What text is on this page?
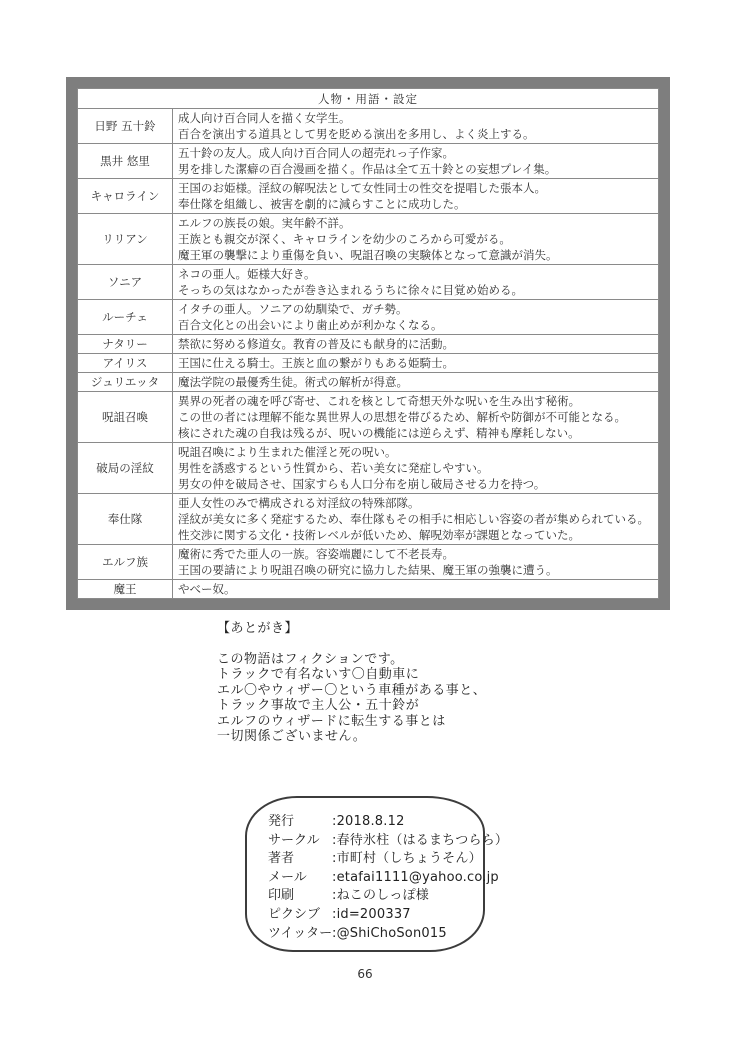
人物・用語・設定	
日野 五十鈴	成人向け百合同人を描く女学生。
百合を演出する道具として男を貶める演出を多用し、よく炎上する。

黒井 悠里	五十鈴の友人。成人向け百合同人の超売れっ子作家。
男を排した潔癖の百合漫画を描く。作品は全て五十鈴との妄想プレイ集。

キャロライン	王国のお姫様。淫紋の解呪法として女性同士の性交を提唱した張本人。
奉仕隊を組織し、被害を劇的に減らすことに成功した。

リリアン	エルフの族長の娘。実年齢不詳。
王族とも親交が深く、キャロラインを幼少のころから可愛がる。
魔王軍の襲撃により重傷を負い、呪詛召喚の実験体となって意識が消失。

ソニア	ネコの亜人。姫様大好き。
そっちの気はなかったが巻き込まれるうちに徐々に目覚め始める。

ルーチェ	イタチの亜人。ソニアの幼馴染で、ガチ勢。
百合文化との出会いにより歯止めが利かなくなる。

ナタリー	禁欲に努める修道女。教育の普及にも献身的に活動。

アイリス	王国に仕える騎士。王族と血の繋がりもある姫騎士。

ジュリエッタ	魔法学院の最優秀生徒。術式の解析が得意。

呪詛召喚	異界の死者の魂を呼び寄せ、これを核として奇想天外な呪いを生み出す秘術。
この世の者には理解不能な異世界人の思想を帯びるため、解析や防御が不可能となる。
核にされた魂の自我は残るが、呪いの機能には逆らえず、精神も摩耗しない。

破局の淫紋	呪詛召喚により生まれた催淫と死の呪い。
男性を誘惑するという性質から、若い美女に発症しやすい。
男女の仲を破局させ、国家すらも人口分布を崩し破局させる力を持つ。

奉仕隊	亜人女性のみで構成される対淫紋の特殊部隊。
淫紋が美女に多く発症するため、奉仕隊もその相手に相応しい容姿の者が集められている。
性交渉に関する文化・技術レベルが低いため、解呪効率が課題となっていた。

エルフ族	魔術に秀でた亜人の一族。容姿端麗にして不老長寿。
王国の要請により呪詛召喚の研究に協力した結果、魔王軍の強襲に遭う。

魔王	やべー奴。
【あとがき】
この物語はフィクションです。
トラックで有名ないす〇自動車に
エル〇やウィザー〇という車種がある事と、
トラック事故で主人公・五十鈴が
エルフのウィザードに転生する事とは
一切関係ございません。
発行	:2018.8.12
サークル :春待氷柱（はるまちつらら）
著者	:市町村（しちょうそん）
メール	:etafai1111@yahoo.co.jp
印刷	:ねこのしっぽ様
ピクシブ :id=200337
ツイッター :@ShiChoSon015
66
